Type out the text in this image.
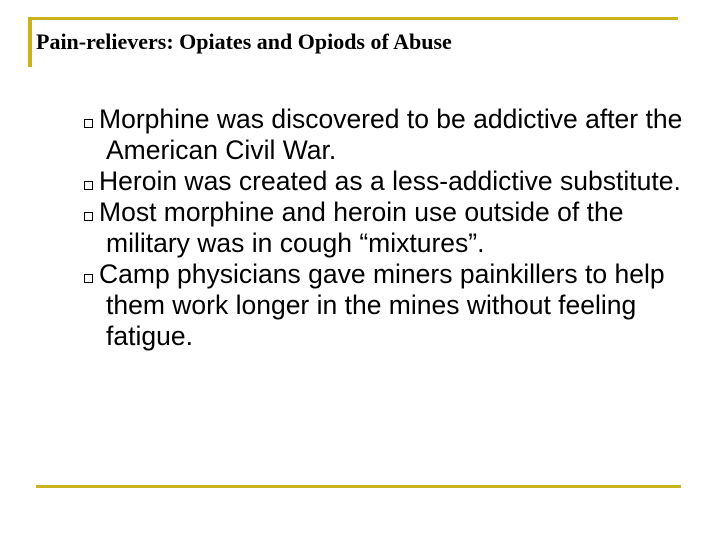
Pain-relievers: Opiates and Opiods of Abuse
Morphine was discovered to be addictive after the American Civil War.
Heroin was created as a less-addictive substitute.
Most morphine and heroin use outside of the military was in cough “mixtures”.
Camp physicians gave miners painkillers to help them work longer in the mines without feeling fatigue.
